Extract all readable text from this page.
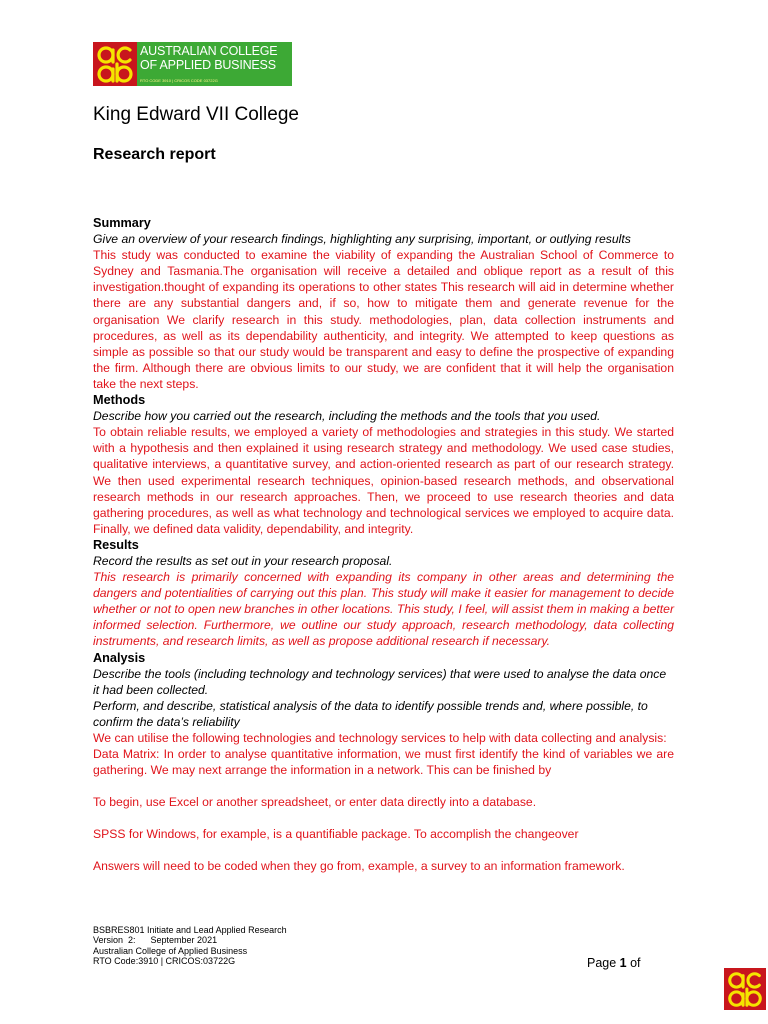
AUSTRALIAN COLLEGE
OF APPLIED BUSINESS
RTO CODE 3910 | CRICOS CODE 03722G
King Edward VII College
Research report

Summary

Give an overview of your research findings, highlighting any surprising, important, or outlying results

This study was conducted to examine the viability of expanding the Australian School of Commerce to Sydney and Tasmania.The organisation will receive a detailed and oblique report as a result of this investigation.thought of expanding its operations to other states This research will aid in determine whether there are any substantial dangers and, if so, how to mitigate them and generate revenue for the organisation We clarify research in this study. methodologies, plan, data collection instruments and procedures, as well as its dependability authenticity, and integrity. We attempted to keep questions as simple as possible so that our study would be transparent and easy to define the prospective of expanding the firm. Although there are obvious limits to our study, we are confident that it will help the organisation take the next steps.

Methods

Describe how you carried out the research, including the methods and the tools that you used.

To obtain reliable results, we employed a variety of methodologies and strategies in this study. We started with a hypothesis and then explained it using research strategy and methodology. We used case studies, qualitative interviews, a quantitative survey, and action-oriented research as part of our research strategy. We then used experimental research techniques, opinion-based research methods, and observational research methods in our research approaches. Then, we proceed to use research theories and data gathering procedures, as well as what technology and technological services we employed to acquire data. Finally, we defined data validity, dependability, and integrity.

Results

Record the results as set out in your research proposal.

This research is primarily concerned with expanding its company in other areas and determining the dangers and potentialities of carrying out this plan. This study will make it easier for management to decide whether or not to open new branches in other locations. This study, I feel, will assist them in making a better informed selection. Furthermore, we outline our study approach, research methodology, data collecting instruments, and research limits, as well as propose additional research if necessary.

Analysis

Describe the tools (including technology and technology services) that were used to analyse the data once it had been collected.

Perform, and describe, statistical analysis of the data to identify possible trends and, where possible, to confirm the data’s reliability

We can utilise the following technologies and technology services to help with data collecting and analysis:

Data Matrix: In order to analyse quantitative information, we must first identify the kind of variables we are gathering. We may next arrange the information in a network. This can be finished by

To begin, use Excel or another spreadsheet, or enter data directly into a database.

SPSS for Windows, for example, is a quantifiable package. To accomplish the changeover

Answers will need to be coded when they go from, example, a survey to an information framework.

BSBRES801 Initiate and Lead Applied Research

Version  2:      September 2021

Australian College of Applied Business

RTO Code:3910 | CRICOS:03722G	Page 1 of
